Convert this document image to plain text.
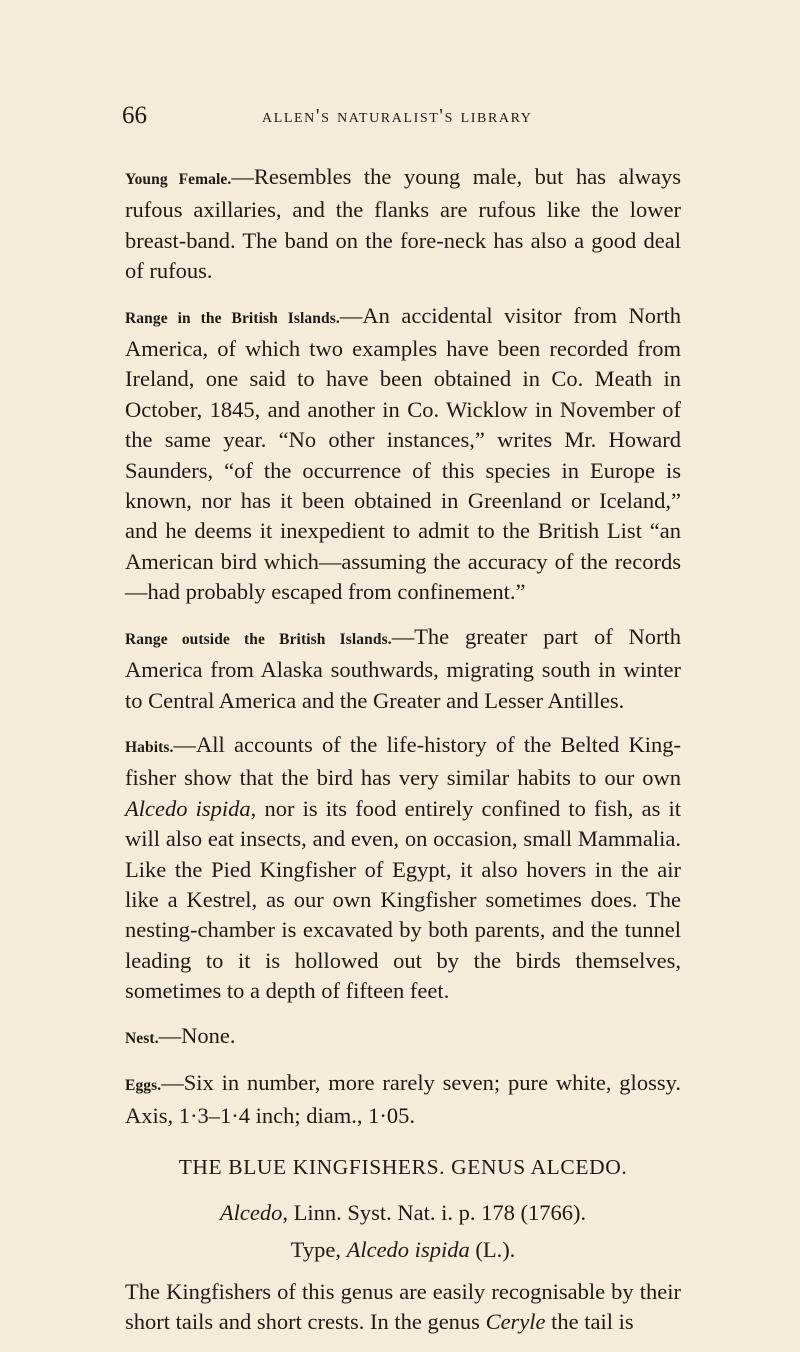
66	allen's naturalist's library

Young Female.—Resembles the young male, but has always rufous axillaries, and the flanks are rufous like the lower breast-band. The band on the fore-neck has also a good deal of rufous.

Range in the British Islands.—An accidental visitor from North America, of which two examples have been recorded from Ireland, one said to have been obtained in Co. Meath in October, 1845, and another in Co. Wicklow in November of the same year. “No other instances,” writes Mr. Howard Saunders, “of the occurrence of this species in Europe is known, nor has it been obtained in Greenland or Iceland,” and he deems it inexpedient to admit to the British List “an American bird which—assuming the accuracy of the records—had probably escaped from confinement.”

Range outside the British Islands.—The greater part of North America from Alaska southwards, migrating south in winter to Central America and the Greater and Lesser Antilles.

Habits.—All accounts of the life-history of the Belted King-fisher show that the bird has very similar habits to our own Alcedo ispida, nor is its food entirely confined to fish, as it will also eat insects, and even, on occasion, small Mammalia. Like the Pied Kingfisher of Egypt, it also hovers in the air like a Kestrel, as our own Kingfisher sometimes does. The nesting-chamber is excavated by both parents, and the tunnel leading to it is hollowed out by the birds themselves, sometimes to a depth of fifteen feet.

Nest.—None.

Eggs.—Six in number, more rarely seven; pure white, glossy. Axis, 1·3–1·4 inch; diam., 1·05.

THE BLUE KINGFISHERS. GENUS ALCEDO.
Alcedo, Linn. Syst. Nat. i. p. 178 (1766).
Type, Alcedo ispida (L.).

The Kingfishers of this genus are easily recognisable by their short tails and short crests. In the genus Ceryle the tail is
